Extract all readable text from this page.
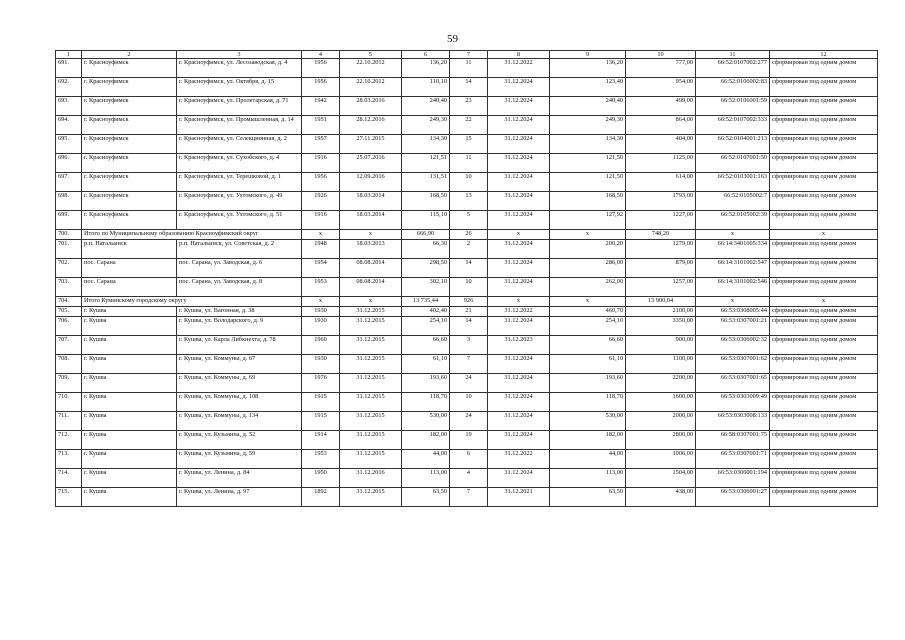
59
1	2	3	4	5	6	7	8	9	10	11	12
691.	г. Красноуфимск	г. Красноуфимск, ул. Лесозаводская, д. 4	1956	22.10.2012	136,20	11	31.12.2022	136,20	777,00	66:52:0107002:277	сформирован под одним домом
692.	г. Красноуфимск	г. Красноуфимск, ул. Октября, д. 15	1956	22.10.2012	110,10	14	31.12.2024	123,40	954,00	66:52:0106002:83	сформирован под одним домом
693.	г. Красноуфимск	г. Красноуфимск, ул. Пролетарская, д. 71	1942	28.03.2016	240,40	23	31.12.2024	240,40	499,00	66:52:0106001:59	сформирован под одним домом
694.	г. Красноуфимск	г. Красноуфимск, ул. Промышленная, д. 14	1951	28.12.2016	249,30	22	31.12.2024	249,30	864,00	66:52:0107002:333	сформирован под одним домом
695.	г. Красноуфимск	г. Красноуфимск, ул. Селекционная, д. 2	1957	27.11.2015	134,30	15	31.12.2024	134,30	404,00	66:52:0104001:213	сформирован под одним домом
696.	г. Красноуфимск	г. Красноуфимск, ул. Сухобского, д. 4	1916	25.07.2016	121,51	11	31.12.2024	121,50	1125,00	66:52:0107001:50	сформирован под одним домом
697.	г. Красноуфимск	г. Красноуфимск, ул. Терешковой, д. 1	1956	12.09.2016	131,51	10	31.12.2024	121,50	614,00	66:52:0103001:163	сформирован под одним домом
698.	г. Красноуфимск	г. Красноуфимск, ул. Ухтомского, д. 49	1926	18.03.2014	168,50	13	31.12.2024	168,50	1793,00	66:52:0105002:7	сформирован под одним домом
699.	г. Красноуфимск	г. Красноуфимск, ул. Ухтомского, д. 51	1916	18.03.2014	115,10	5	31.12.2024	127,92	1227,00	66:52:0105002:39	сформирован под одним домом
700.	Итого по Муниципальному образованию Красноуфимский округ		x	x	666,90	26	x	x	748,20	x	x
701.	р.п. Натальинск	р.п. Натальинск, ул. Советская, д. 2	1948	18.03.2013	66,30	2	31.12.2024	200,20	1279,00	66:14:3401005:334	сформирован под одним домом
702.	пос. Сарана	пос. Сарана, ул. Заводская, д. 6	1954	08.08.2014	298,50	14	31.12.2024	286,00	879,00	66:14:3101002:547	сформирован под одним домом
703.	пос. Сарана	пос. Сарана, ул. Заводская, д. 8	1953	08.08.2014	302,10	10	31.12.2024	262,00	1257,00	66:14:3101002:546	сформирован под одним домом
704.	Итого Куминскому городскому округу		x	x	13 735,44	926	x	x	13 900,04	x	x
705.	г. Кушва	г. Кушва, ул. Вагонная, д. 38	1930	31.12.2015	402,40	21	31.12.2022	460,70	2100,00	66:53:0308005:44	сформирован под одним домом
706.	г. Кушва	г. Кушва, ул. Володарского, д. 9	1930	31.12.2015	254,10	14	31.12.2024	254,10	3350,00	66:53:0307001:21	сформирован под одним домом
707.	г. Кушва	г. Кушва, ул. Карла Либкнехта, д. 78	1960	31.12.2015	66,60	3	31.12.2023	66,60	900,00	66:53:0306002:32	сформирован под одним домом
708.	г. Кушва	г. Кушва, ул. Коммуны, д. 67	1930	31.12.2015	61,10	7	31.12.2024	61,10	1100,00	66:53:0307001:62	сформирован под одним домом
709.	г. Кушва	г. Кушва, ул. Коммуны, д. 69	1976	31.12.2015	193,60	24	31.12.2024	193,60	2200,00	66:53:0307001:65	сформирован под одним домом
710.	г. Кушва	г. Кушва, ул. Коммуны, д. 108	1915	31.12.2015	118,70	10	31.12.2024	118,70	1600,00	66:53:0303009:49	сформирован под одним домом
711.	г. Кушва	г. Кушва, ул. Коммуны, д. 134	1915	31.12.2015	530,00	24	31.12.2024	530,00	2000,00	66:53:0303008:133	сформирован под одним домом
712.	г. Кушва	г. Кушва, ул. Кузьмина, д. 52	1914	31.12.2015	182,00	19	31.12.2024	182,00	2800,00	66:58:0307001:75	сформирован под одним домом
713.	г. Кушва	г. Кушва, ул. Кузьмина, д. 59	1953	31.12.2015	44,00	6	31.12.2022	44,00	1006,00	66:53:0307001:71	сформирован под одним домом
714.	г. Кушва	г. Кушва, ул. Ленина, д. 84	1950	31.12.2016	113,00	4	31.12.2024	113,00	1504,00	66:53:0306001:194	сформирован под одним домом
715.	г. Кушва	г. Кушва, ул. Ленина, д. 97	1892	31.12.2015	63,50	7	31.12.2021	63,50	438,00	66:53:0306001:27	сформирован под одним домом
